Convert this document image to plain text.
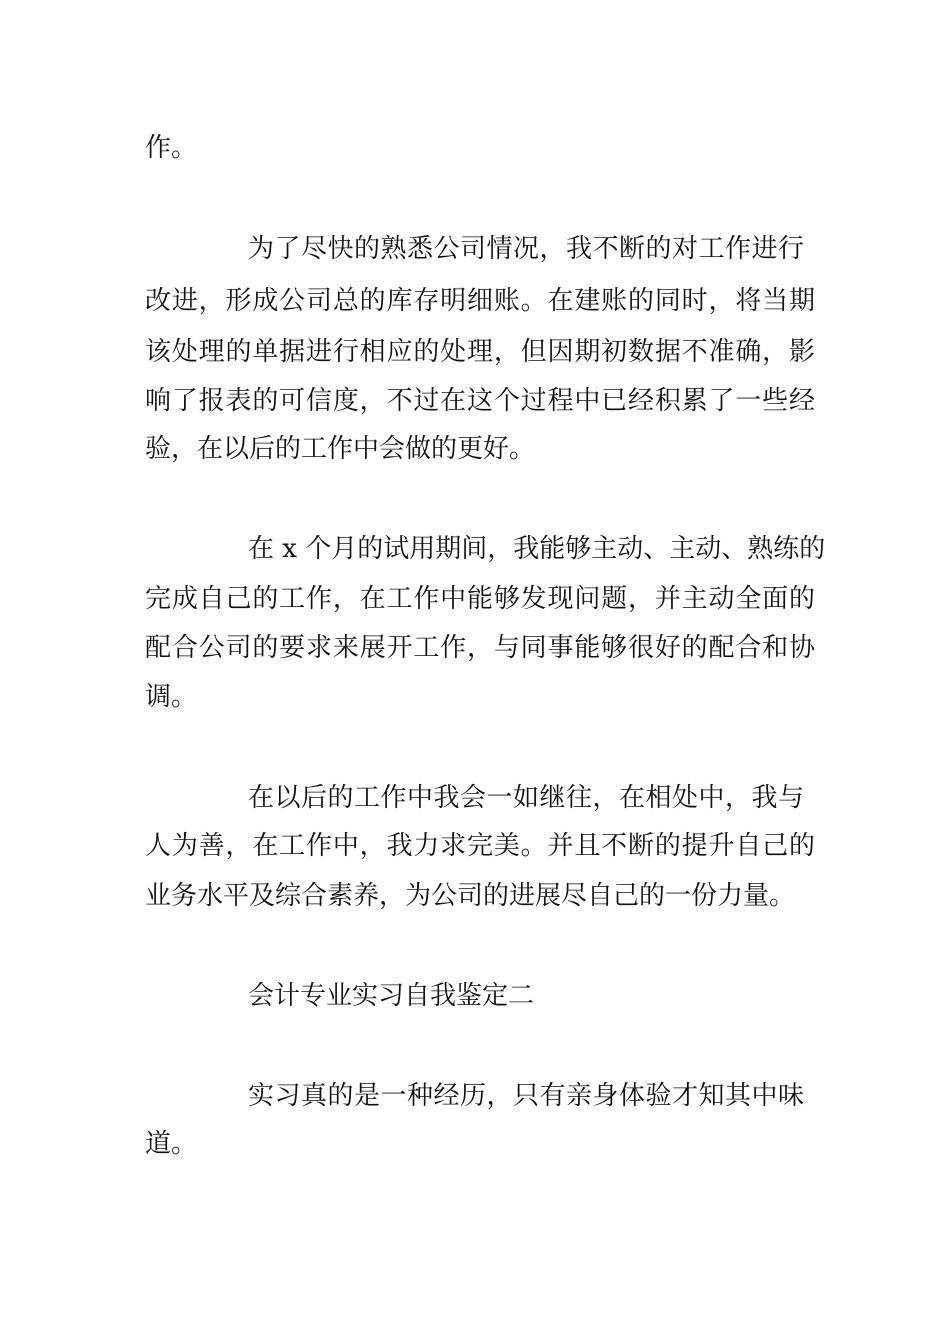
作。
为了尽快的熟悉公司情况，我不断的对工作进行
改进，形成公司总的库存明细账。在建账的同时，将当期
该处理的单据进行相应的处理，但因期初数据不准确，影
响了报表的可信度，不过在这个过程中已经积累了一些经
验，在以后的工作中会做的更好。
在 x 个月的试用期间，我能够主动、主动、熟练的
完成自己的工作，在工作中能够发现问题，并主动全面的
配合公司的要求来展开工作，与同事能够很好的配合和协
调。
在以后的工作中我会一如继往，在相处中，我与
人为善，在工作中，我力求完美。并且不断的提升自己的
业务水平及综合素养，为公司的进展尽自己的一份力量。
会计专业实习自我鉴定二
实习真的是一种经历，只有亲身体验才知其中味
道。
